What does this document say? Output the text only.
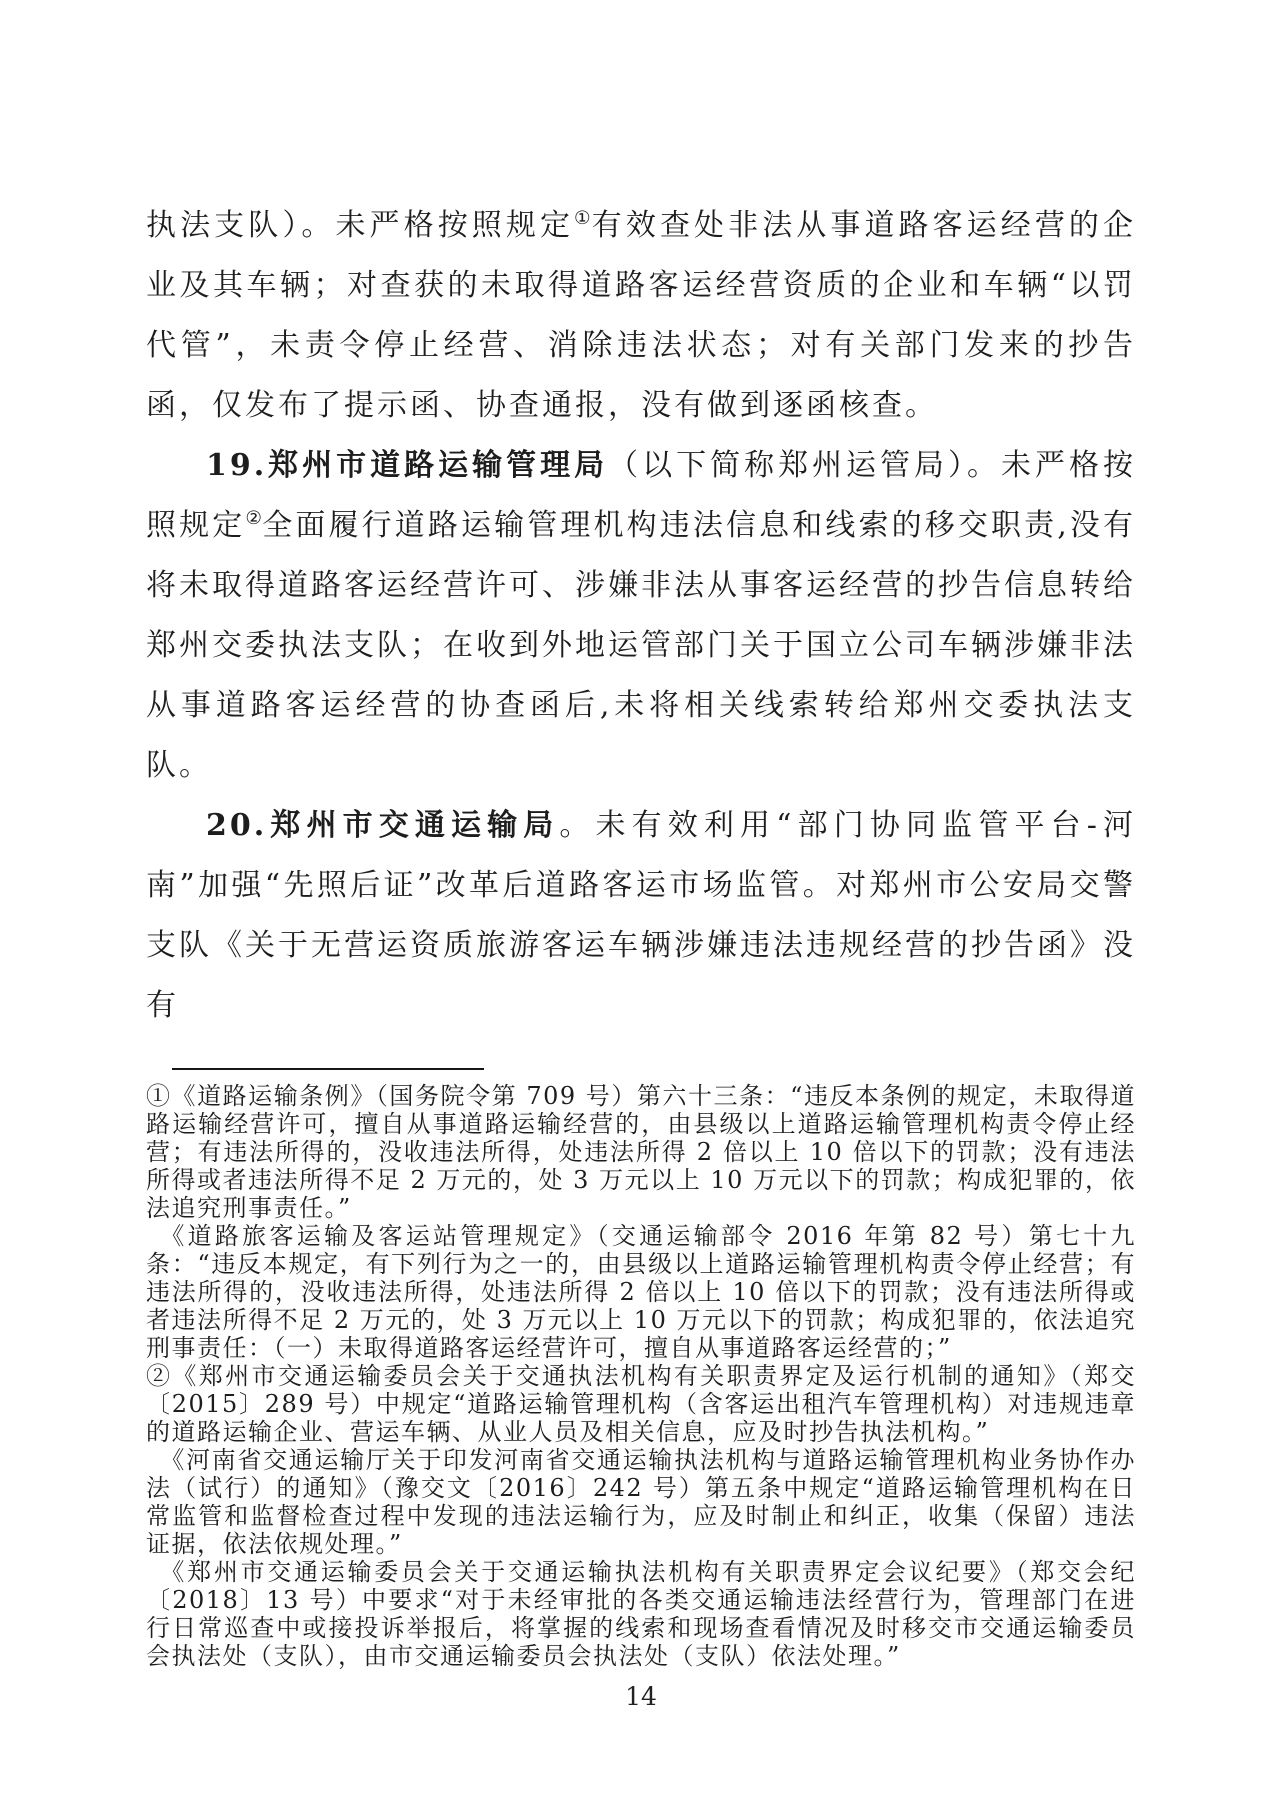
执法支队）。未严格按照规定①有效查处非法从事道路客运经营的企业及其车辆；对查获的未取得道路客运经营资质的企业和车辆“以罚代管”，未责令停止经营、消除违法状态；对有关部门发来的抄告函，仅发布了提示函、协查通报，没有做到逐函核查。

19.郑州市道路运输管理局（以下简称郑州运管局）。未严格按照规定②全面履行道路运输管理机构违法信息和线索的移交职责,没有将未取得道路客运经营许可、涉嫌非法从事客运经营的抄告信息转给郑州交委执法支队；在收到外地运管部门关于国立公司车辆涉嫌非法从事道路客运经营的协查函后,未将相关线索转给郑州交委执法支队。

20.郑州市交通运输局。未有效利用“部门协同监管平台-河南”加强“先照后证”改革后道路客运市场监管。对郑州市公安局交警支队《关于无营运资质旅游客运车辆涉嫌违法违规经营的抄告函》没有

①《道路运输条例》（国务院令第 709 号）第六十三条：“违反本条例的规定，未取得道路运输经营许可，擅自从事道路运输经营的，由县级以上道路运输管理机构责令停止经营；有违法所得的，没收违法所得，处违法所得 2 倍以上 10 倍以下的罚款；没有违法所得或者违法所得不足 2 万元的，处 3 万元以上 10 万元以下的罚款；构成犯罪的，依法追究刑事责任。”

《道路旅客运输及客运站管理规定》（交通运输部令 2016 年第 82 号）第七十九条：“违反本规定，有下列行为之一的，由县级以上道路运输管理机构责令停止经营；有违法所得的，没收违法所得，处违法所得 2 倍以上 10 倍以下的罚款；没有违法所得或者违法所得不足 2 万元的，处 3 万元以上 10 万元以下的罚款；构成犯罪的，依法追究刑事责任：（一）未取得道路客运经营许可，擅自从事道路客运经营的；”

②《郑州市交通运输委员会关于交通执法机构有关职责界定及运行机制的通知》（郑交〔2015〕289 号）中规定“道路运输管理机构（含客运出租汽车管理机构）对违规违章的道路运输企业、营运车辆、从业人员及相关信息，应及时抄告执法机构。”

《河南省交通运输厅关于印发河南省交通运输执法机构与道路运输管理机构业务协作办法（试行）的通知》（豫交文〔2016〕242 号）第五条中规定“道路运输管理机构在日常监管和监督检查过程中发现的违法运输行为，应及时制止和纠正，收集（保留）违法证据，依法依规处理。”

《郑州市交通运输委员会关于交通运输执法机构有关职责界定会议纪要》（郑交会纪〔2018〕13 号）中要求“对于未经审批的各类交通运输违法经营行为，管理部门在进行日常巡查中或接投诉举报后，将掌握的线索和现场查看情况及时移交市交通运输委员会执法处（支队），由市交通运输委员会执法处（支队）依法处理。”

14
